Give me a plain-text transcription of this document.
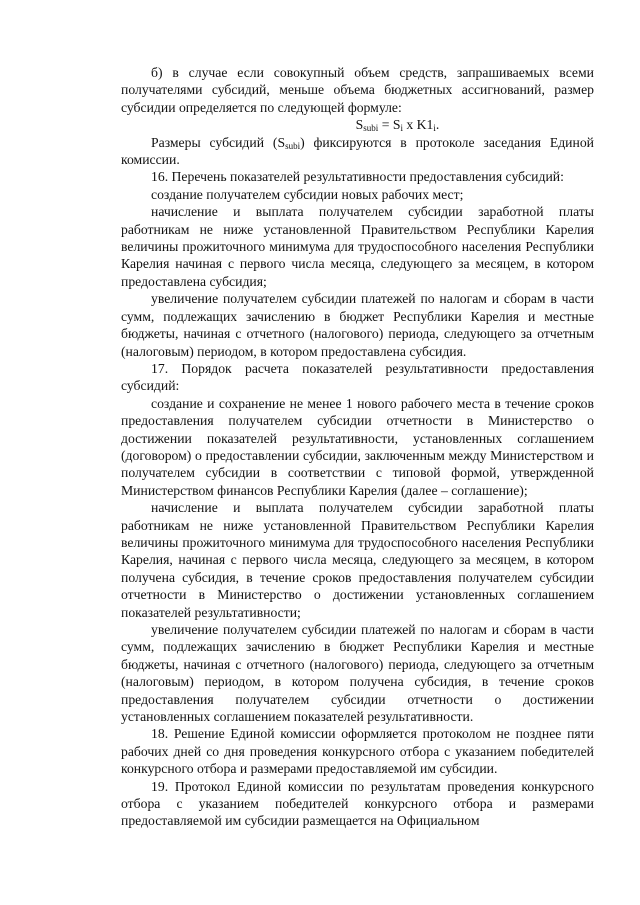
б) в случае если совокупный объем средств, запрашиваемых всеми получателями субсидий, меньше объема бюджетных ассигнований, размер субсидии определяется по следующей формуле:

$S_{subi} = S_i$ x $K1_i$.

Размеры субсидий $(S_{subi})$ фиксируются в протоколе заседания Единой комиссии.

16. Перечень показателей результативности предоставления субсидий:

создание получателем субсидии новых рабочих мест;

начисление и выплата получателем субсидии заработной платы работникам не ниже установленной Правительством Республики Карелия величины прожиточного минимума для трудоспособного населения Республики Карелия начиная с первого числа месяца, следующего за месяцем, в котором предоставлена субсидия;

увеличение получателем субсидии платежей по налогам и сборам в части сумм, подлежащих зачислению в бюджет Республики Карелия и местные бюджеты, начиная с отчетного (налогового) периода, следующего за отчетным (налоговым) периодом, в котором предоставлена субсидия.

17. Порядок расчета показателей результативности предоставления субсидий:

создание и сохранение не менее 1 нового рабочего места в течение сроков предоставления получателем субсидии отчетности в Министерство о достижении показателей результативности, установленных соглашением (договором) о предоставлении субсидии, заключенным между Министерством и получателем субсидии в соответствии с типовой формой, утвержденной Министерством финансов Республики Карелия (далее – соглашение);

начисление и выплата получателем субсидии заработной платы работникам не ниже установленной Правительством Республики Карелия величины прожиточного минимума для трудоспособного населения Республики Карелия, начиная с первого числа месяца, следующего за месяцем, в котором получена субсидия, в течение сроков предоставления получателем субсидии отчетности в Министерство о достижении установленных соглашением показателей результативности;

увеличение получателем субсидии платежей по налогам и сборам в части сумм, подлежащих зачислению в бюджет Республики Карелия и местные бюджеты, начиная с отчетного (налогового) периода, следующего за отчетным (налоговым) периодом, в котором получена субсидия, в течение сроков предоставления получателем субсидии отчетности о достижении установленных соглашением показателей результативности.

18. Решение Единой комиссии оформляется протоколом не позднее пяти рабочих дней со дня проведения конкурсного отбора с указанием победителей конкурсного отбора и размерами предоставляемой им субсидии.

19. Протокол Единой комиссии по результатам проведения конкурсного отбора с указанием победителей конкурсного отбора и размерами предоставляемой им субсидии размещается на Официальном
